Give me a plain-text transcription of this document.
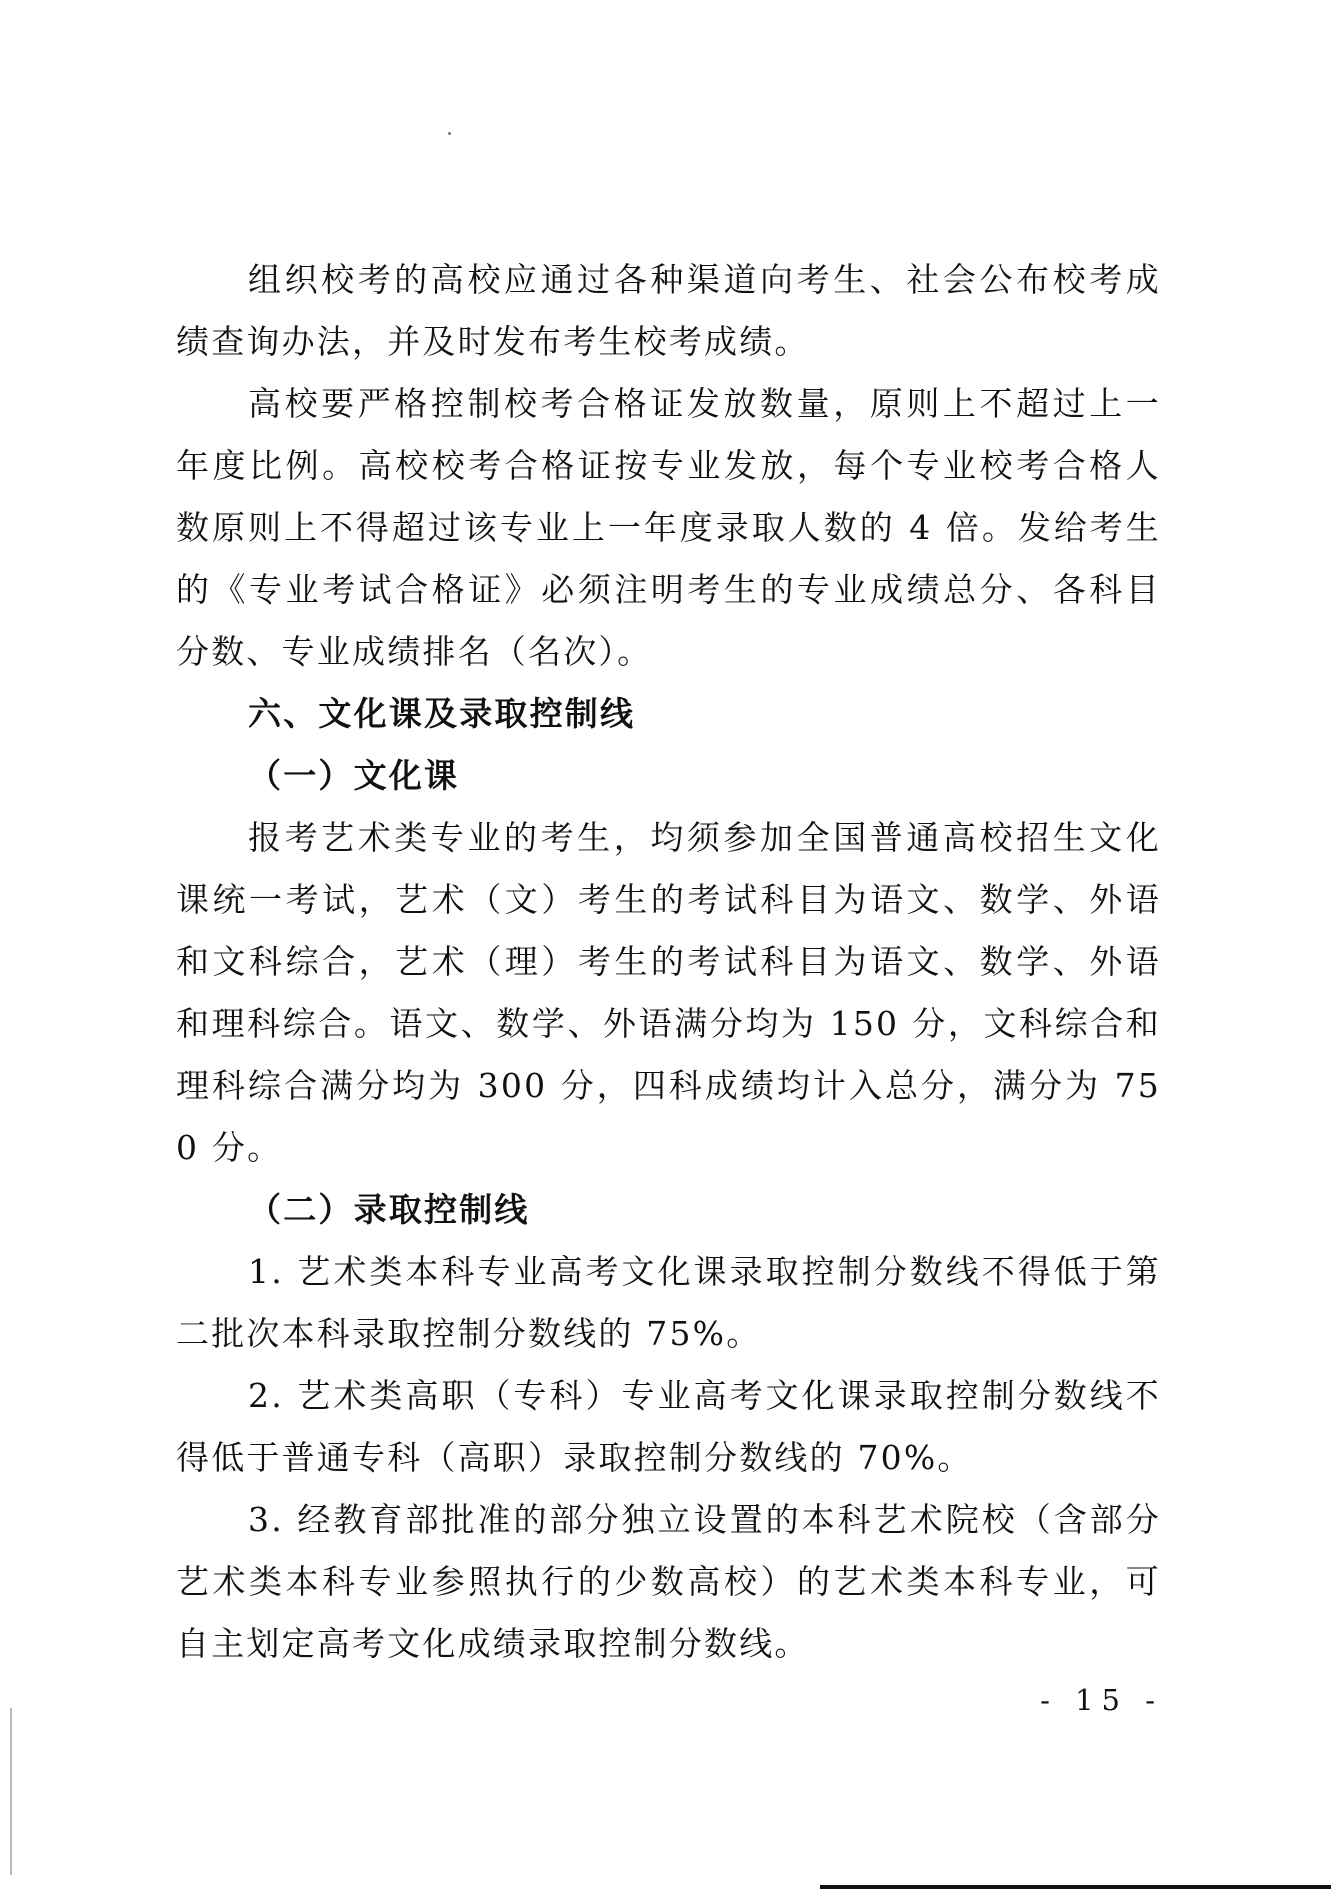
组织校考的高校应通过各种渠道向考生、社会公布校考成绩查询办法，并及时发布考生校考成绩。

高校要严格控制校考合格证发放数量，原则上不超过上一年度比例。高校校考合格证按专业发放，每个专业校考合格人数原则上不得超过该专业上一年度录取人数的 4 倍。发给考生的《专业考试合格证》必须注明考生的专业成绩总分、各科目分数、专业成绩排名（名次）。

六、文化课及录取控制线
（一）文化课

报考艺术类专业的考生，均须参加全国普通高校招生文化课统一考试，艺术（文）考生的考试科目为语文、数学、外语和文科综合，艺术（理）考生的考试科目为语文、数学、外语和理科综合。语文、数学、外语满分均为 150 分，文科综合和理科综合满分均为 300 分，四科成绩均计入总分，满分为 750 分。

（二）录取控制线

1. 艺术类本科专业高考文化课录取控制分数线不得低于第二批次本科录取控制分数线的 75%。

2. 艺术类高职（专科）专业高考文化课录取控制分数线不得低于普通专科（高职）录取控制分数线的 70%。

3. 经教育部批准的部分独立设置的本科艺术院校（含部分艺术类本科专业参照执行的少数高校）的艺术类本科专业，可自主划定高考文化成绩录取控制分数线。

- 15 -
